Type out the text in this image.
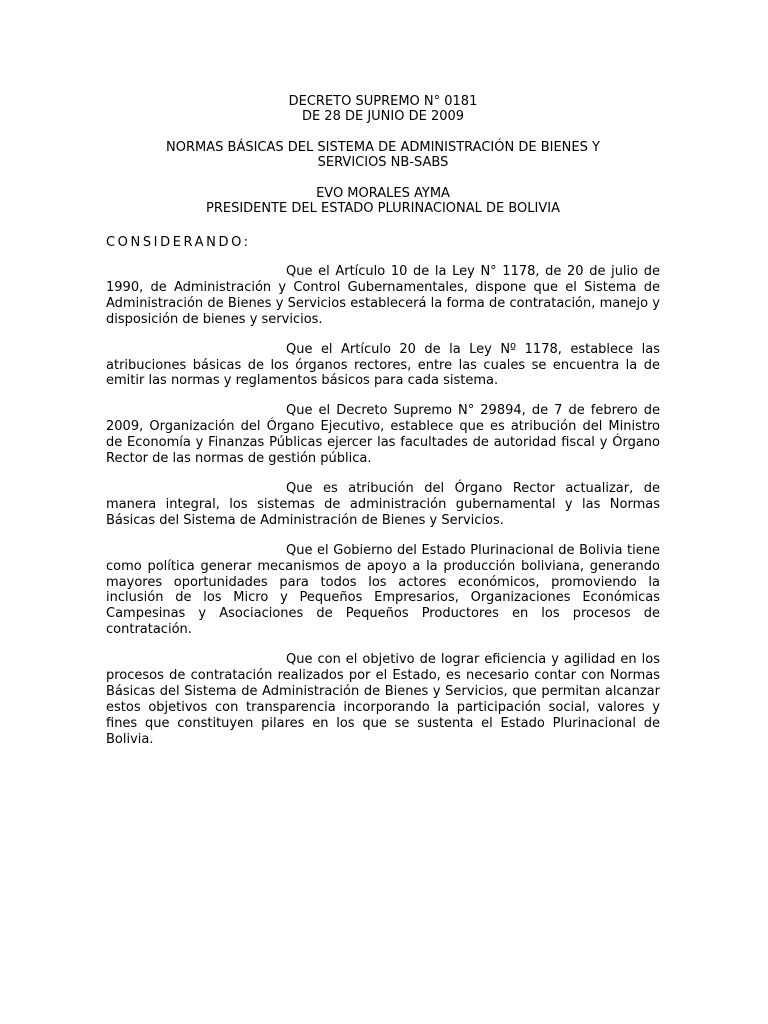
DECRETO SUPREMO N° 0181

DE 28 DE JUNIO DE 2009

NORMAS BÁSICAS DEL SISTEMA DE ADMINISTRACIÓN DE BIENES Y

SERVICIOS NB-SABS

EVO MORALES AYMA

PRESIDENTE DEL ESTADO PLURINACIONAL DE BOLIVIA

CONSIDERANDO:

Que el Artículo 10 de la Ley N° 1178, de 20 de julio de 1990, de Administración y Control Gubernamentales, dispone que el Sistema de Administración de Bienes y Servicios establecerá la forma de contratación, manejo y disposición de bienes y servicios.

Que el Artículo 20 de la Ley Nº 1178, establece las atribuciones básicas de los órganos rectores, entre las cuales se encuentra la de emitir las normas y reglamentos básicos para cada sistema.

Que el Decreto Supremo N° 29894, de 7 de febrero de 2009, Organización del Órgano Ejecutivo, establece que es atribución del Ministro de Economía y Finanzas Públicas ejercer las facultades de autoridad fiscal y Órgano Rector de las normas de gestión pública.

Que es atribución del Órgano Rector actualizar, de manera integral, los sistemas de administración gubernamental y las Normas Básicas del Sistema de Administración de Bienes y Servicios.

Que el Gobierno del Estado Plurinacional de Bolivia tiene como política generar mecanismos de apoyo a la producción boliviana, generando mayores oportunidades para todos los actores económicos, promoviendo la inclusión de los Micro y Pequeños Empresarios, Organizaciones Económicas Campesinas y Asociaciones de Pequeños Productores en los procesos de contratación.

Que con el objetivo de lograr eficiencia y agilidad en los procesos de contratación realizados por el Estado, es necesario contar con Normas Básicas del Sistema de Administración de Bienes y Servicios, que permitan alcanzar estos objetivos con transparencia incorporando la participación social, valores y fines que constituyen pilares en los que se sustenta el Estado Plurinacional de Bolivia.
